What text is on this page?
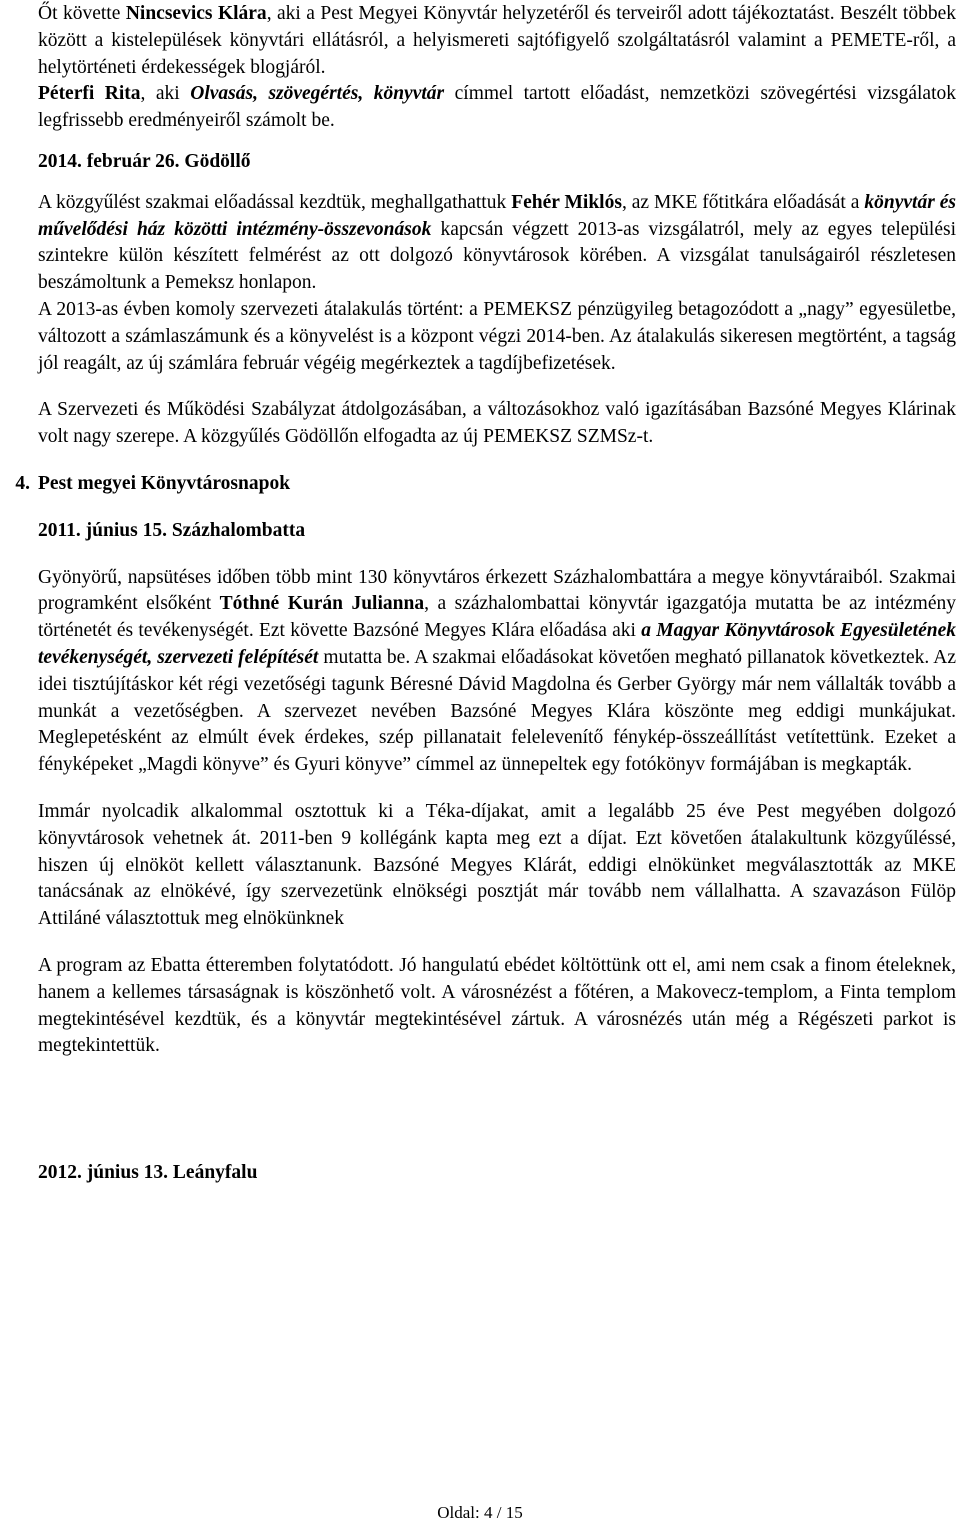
Őt követte Nincsevics Klára, aki a Pest Megyei Könyvtár helyzetéről és terveiről adott tájékoztatást. Beszélt többek között a kistelepülések könyvtári ellátásról, a helyismereti sajtófigyelő szolgáltatásról valamint a PEMETE-ről, a helytörténeti érdekességek blogjáról.

Péterfi Rita, aki Olvasás, szövegértés, könyvtár címmel tartott előadást, nemzetközi szövegértési vizsgálatok legfrissebb eredményeiről számolt be.

2014. február 26. Gödöllő

A közgyűlést szakmai előadással kezdtük, meghallgathattuk Fehér Miklós, az MKE főtitkára előadását a könyvtár és művelődési ház közötti intézmény-összevonások kapcsán végzett 2013-as vizsgálatról, mely az egyes települési szintekre külön készített felmérést az ott dolgozó könyvtárosok körében. A vizsgálat tanulságairól részletesen beszámoltunk a Pemeksz honlapon.

A 2013-as évben komoly szervezeti átalakulás történt: a PEMEKSZ pénzügyileg betagozódott a „nagy” egyesületbe, változott a számlaszámunk és a könyvelést is a központ végzi 2014-ben. Az átalakulás sikeresen megtörtént, a tagság jól reagált, az új számlára február végéig megérkeztek a tagdíjbefizetések.

A Szervezeti és Működési Szabályzat átdolgozásában, a változásokhoz való igazításában Bazsóné Megyes Klárinak volt nagy szerepe. A közgyűlés Gödöllőn elfogadta az új PEMEKSZ SZMSz-t.

4. Pest megyei Könyvtárosnapok

2011. június 15. Százhalombatta

Gyönyörű, napsütéses időben több mint 130 könyvtáros érkezett Százhalombattára a megye könyvtáraiból. Szakmai programként elsőként Tóthné Kurán Julianna, a százhalombattai könyvtár igazgatója mutatta be az intézmény történetét és tevékenységét. Ezt követte Bazsóné Megyes Klára előadása aki a Magyar Könyvtárosok Egyesületének tevékenységét, szervezeti felépítését mutatta be. A szakmai előadásokat követően megható pillanatok következtek. Az idei tisztújításkor két régi vezetőségi tagunk Béresné Dávid Magdolna és Gerber György már nem vállalták tovább a munkát a vezetőségben. A szervezet nevében Bazsóné Megyes Klára köszönte meg eddigi munkájukat. Meglepetésként az elmúlt évek érdekes, szép pillanatait felelevenítő fénykép-összeállítást vetítettünk. Ezeket a fényképeket „Magdi könyve” és Gyuri könyve” címmel az ünnepeltek egy fotókönyv formájában is megkapták.

Immár nyolcadik alkalommal osztottuk ki a Téka-díjakat, amit a legalább 25 éve Pest megyében dolgozó könyvtárosok vehetnek át. 2011-ben 9 kollégánk kapta meg ezt a díjat. Ezt követően átalakultunk közgyűléssé, hiszen új elnököt kellett választanunk. Bazsóné Megyes Klárát, eddigi elnökünket megválasztották az MKE tanácsának az elnökévé, így szervezetünk elnökségi posztját már tovább nem vállalhatta. A szavazáson Fülöp Attiláné választottuk meg elnökünknek

A program az Ebatta étteremben folytatódott. Jó hangulatú ebédet költöttünk ott el, ami nem csak a finom ételeknek, hanem a kellemes társaságnak is köszönhető volt. A városnézést a főtéren, a Makovecz-templom, a Finta templom megtekintésével kezdtük, és a könyvtár megtekintésével zártuk. A városnézés után még a Régészeti parkot is megtekintettük.

2012. június 13. Leányfalu

Oldal: 4 / 15
